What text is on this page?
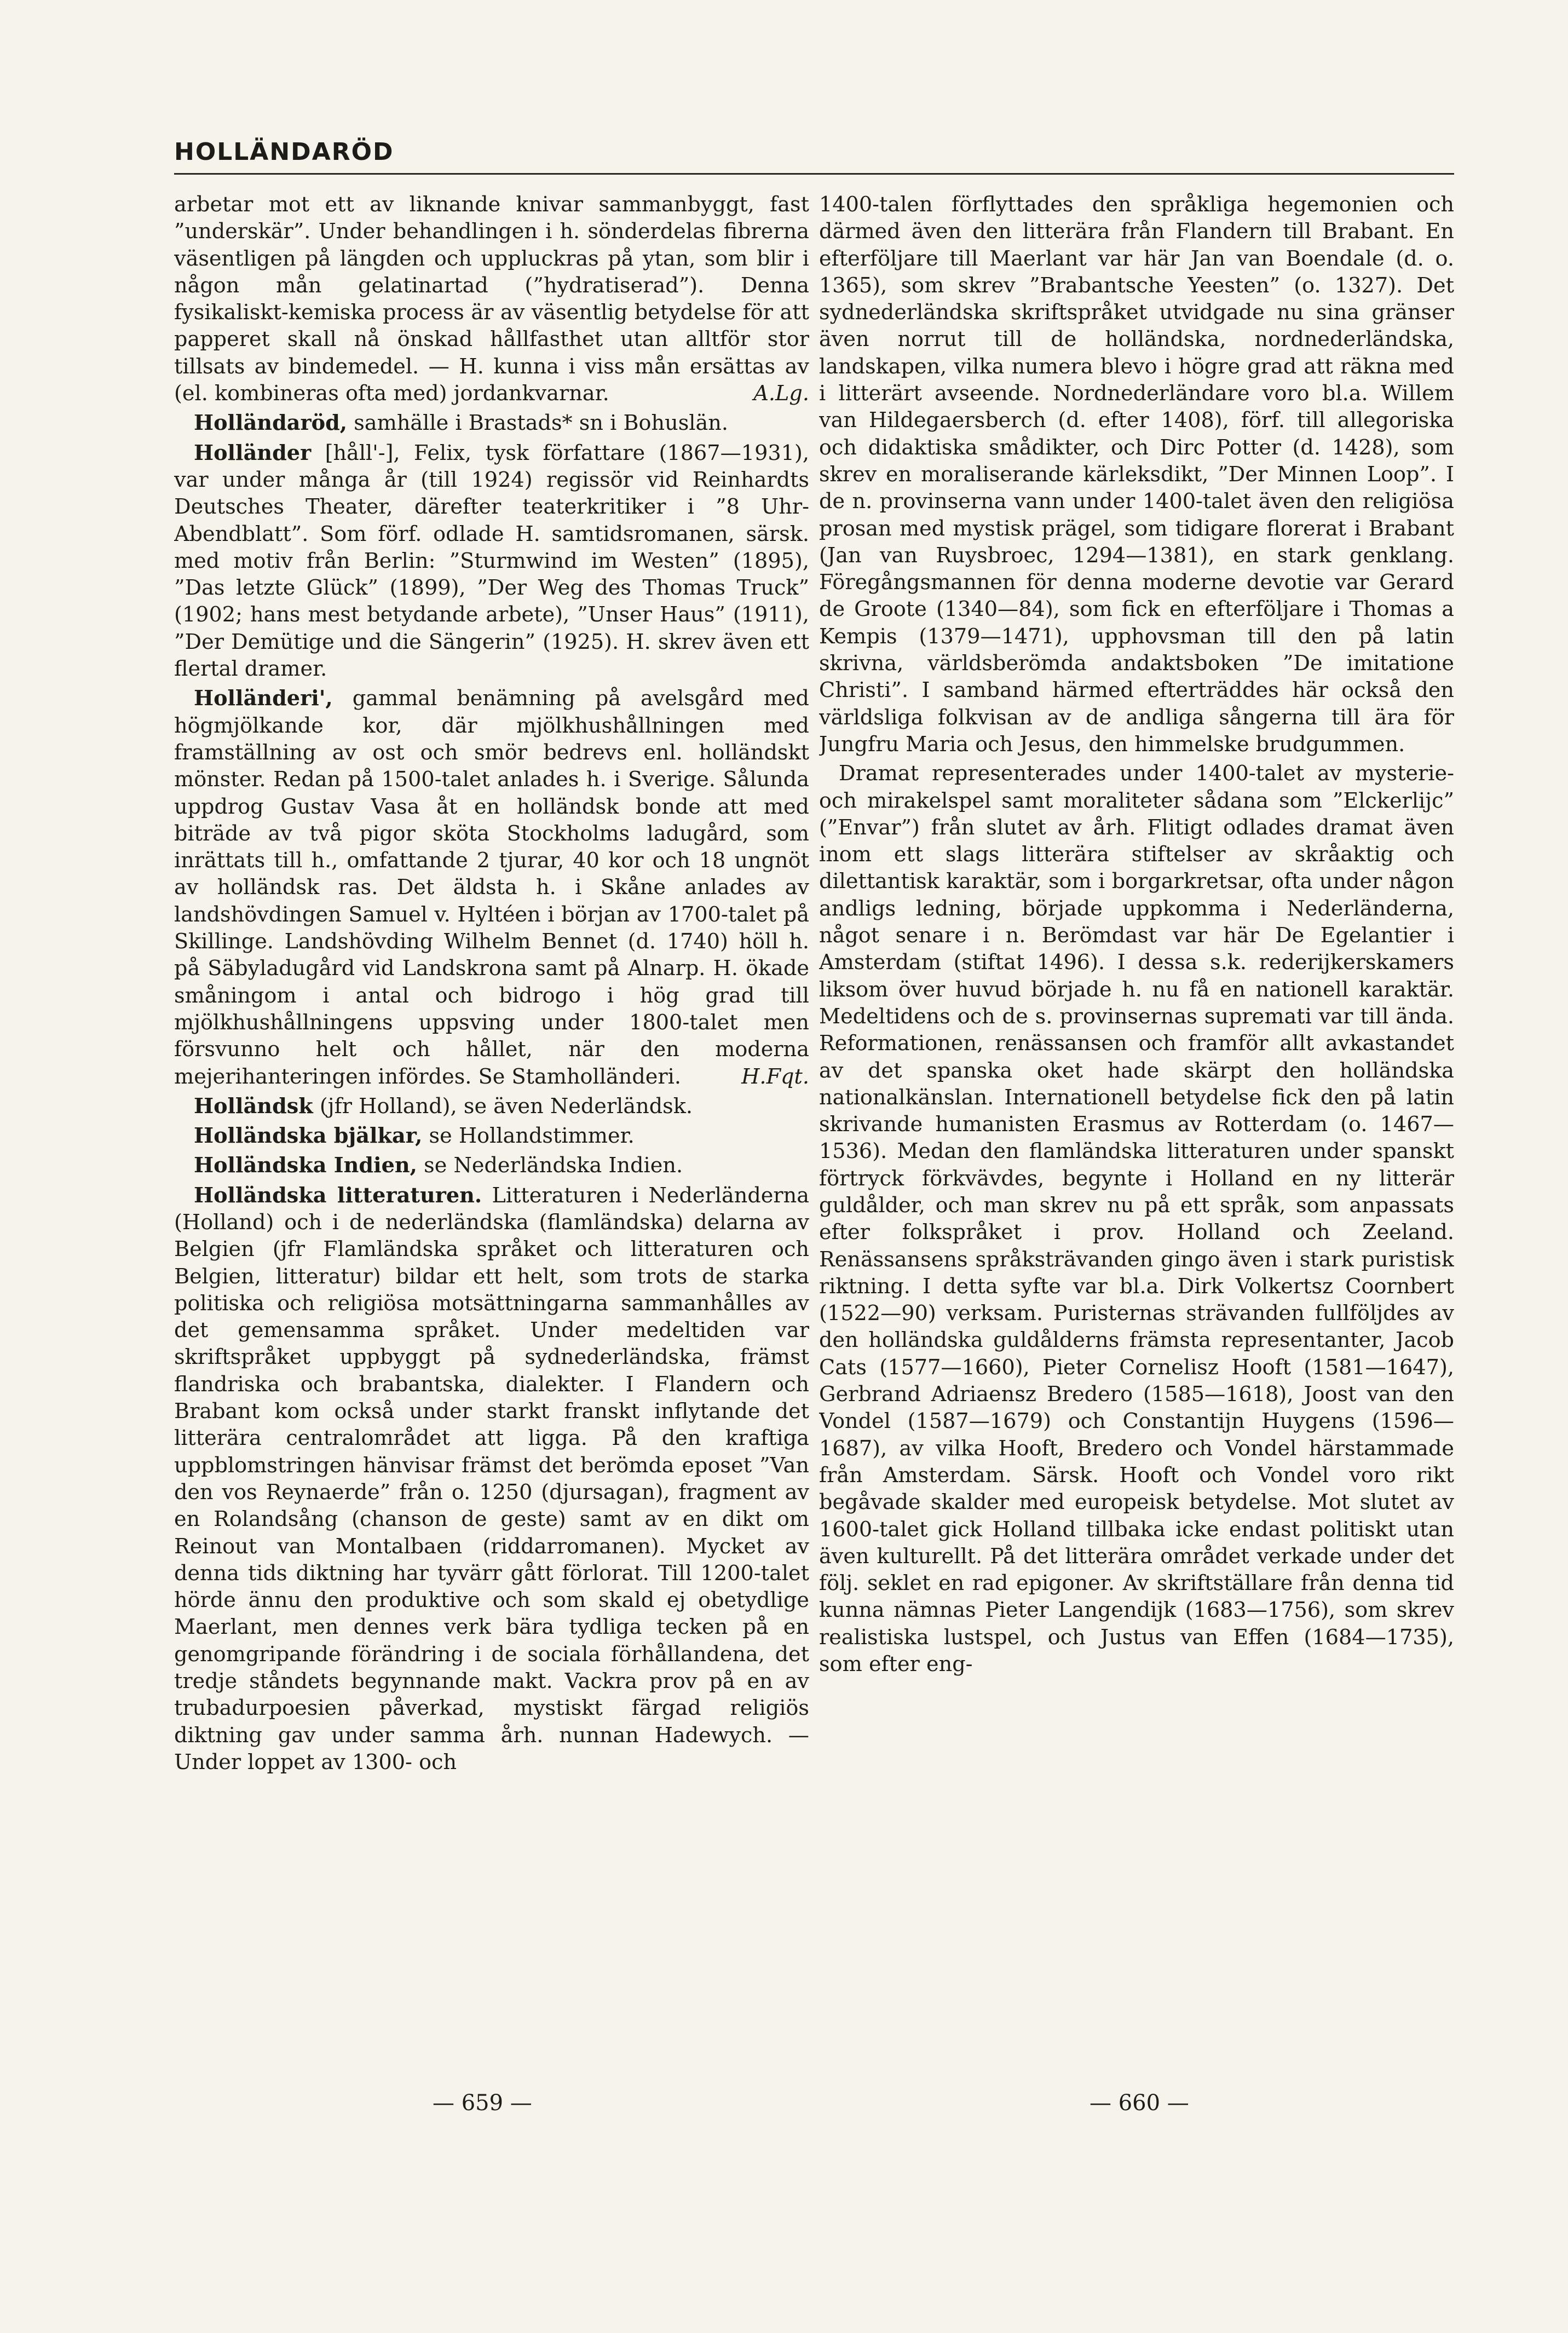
HOLLÄNDARÖD

arbetar mot ett av liknande knivar sammanbyggt, fast ”underskär”. Under behandlingen i h. sönderdelas fibrerna väsentligen på längden och uppluckras på ytan, som blir i någon mån gelatinartad (”hydratiserad”). Denna fysikaliskt-kemiska process är av väsentlig betydelse för att papperet skall nå önskad hållfasthet utan alltför stor tillsats av bindemedel. — H. kunna i viss mån ersättas av (el. kombineras ofta med) jordankvarnar.	A.Lg.

Holländaröd, samhälle i Brastads* sn i Bohuslän.

Holländer [håll'-], Felix, tysk författare (1867—1931), var under många år (till 1924) regissör vid Reinhardts Deutsches Theater, därefter teaterkritiker i ”8 Uhr-Abendblatt”. Som förf. odlade H. samtidsromanen, särsk. med motiv från Berlin: ”Sturmwind im Westen” (1895), ”Das letzte Glück” (1899), ”Der Weg des Thomas Truck” (1902; hans mest betydande arbete), ”Unser Haus” (1911), ”Der Demütige und die Sängerin” (1925). H. skrev även ett flertal dramer.

Holländeri', gammal benämning på avelsgård med högmjölkande kor, där mjölkhushållningen med framställning av ost och smör bedrevs enl. holländskt mönster. Redan på 1500-talet anlades h. i Sverige. Sålunda uppdrog Gustav Vasa åt en holländsk bonde att med biträde av två pigor sköta Stockholms ladugård, som inrättats till h., omfattande 2 tjurar, 40 kor och 18 ungnöt av holländsk ras. Det äldsta h. i Skåne anlades av landshövdingen Samuel v. Hyltéen i början av 1700-talet på Skillinge. Landshövding Wilhelm Bennet (d. 1740) höll h. på Säbyladugård vid Landskrona samt på Alnarp. H. ökade småningom i antal och bidrogo i hög grad till mjölkhushållningens uppsving under 1800-talet men försvunno helt och hållet, när den moderna mejerihanteringen infördes. Se Stamholländeri.	H.Fqt.

Holländsk (jfr Holland), se även Nederländsk.

Holländska bjälkar, se Hollandstimmer.

Holländska Indien, se Nederländska Indien.

Holländska litteraturen. Litteraturen i Nederländerna (Holland) och i de nederländska (flamländska) delarna av Belgien (jfr Flamländska språket och litteraturen och Belgien, litteratur) bildar ett helt, som trots de starka politiska och religiösa motsättningarna sammanhålles av det gemensamma språket. Under medeltiden var skriftspråket uppbyggt på sydnederländska, främst flandriska och brabantska, dialekter. I Flandern och Brabant kom också under starkt franskt inflytande det litterära centralområdet att ligga. På den kraftiga uppblomstringen hänvisar främst det berömda eposet ”Van den vos Reynaerde” från o. 1250 (djursagan), fragment av en Rolandsång (chanson de geste) samt av en dikt om Reinout van Montalbaen (riddarromanen). Mycket av denna tids diktning har tyvärr gått förlorat. Till 1200-talet hörde ännu den produktive och som skald ej obetydlige Maerlant, men dennes verk bära tydliga tecken på en genomgripande förändring i de sociala förhållandena, det tredje ståndets begynnande makt. Vackra prov på en av trubadurpoesien påverkad, mystiskt färgad religiös diktning gav under samma årh. nunnan Hadewych. — Under loppet av 1300- och

1400-talen förflyttades den språkliga hegemonien och därmed även den litterära från Flandern till Brabant. En efterföljare till Maerlant var här Jan van Boendale (d. o. 1365), som skrev ”Brabantsche Yeesten” (o. 1327). Det sydnederländska skriftspråket utvidgade nu sina gränser även norrut till de holländska, nordnederländska, landskapen, vilka numera blevo i högre grad att räkna med i litterärt avseende. Nordnederländare voro bl.a. Willem van Hildegaersberch (d. efter 1408), förf. till allegoriska och didaktiska smådikter, och Dirc Potter (d. 1428), som skrev en moraliserande kärleksdikt, ”Der Minnen Loop”. I de n. provinserna vann under 1400-talet även den religiösa prosan med mystisk prägel, som tidigare florerat i Brabant (Jan van Ruysbroec, 1294—1381), en stark genklang. Föregångsmannen för denna moderne devotie var Gerard de Groote (1340—84), som fick en efterföljare i Thomas a Kempis (1379—1471), upphovsman till den på latin skrivna, världsberömda andaktsboken ”De imitatione Christi”. I samband härmed efterträddes här också den världsliga folkvisan av de andliga sångerna till ära för Jungfru Maria och Jesus, den himmelske brudgummen.

Dramat representerades under 1400-talet av mysterie- och mirakelspel samt moraliteter sådana som ”Elckerlijc” (”Envar”) från slutet av årh. Flitigt odlades dramat även inom ett slags litterära stiftelser av skråaktig och dilettantisk karaktär, som i borgarkretsar, ofta under någon andligs ledning, började uppkomma i Nederländerna, något senare i n. Berömdast var här De Egelantier i Amsterdam (stiftat 1496). I dessa s.k. rederijkerskamers liksom över huvud började h. nu få en nationell karaktär. Medeltidens och de s. provinsernas suprematі var till ända. Reformationen, renässansen och framför allt avkastandet av det spanska oket hade skärpt den holländska nationalkänslan. Internationell betydelse fick den på latin skrivande humanisten Erasmus av Rotterdam (o. 1467—1536). Medan den flamländska litteraturen under spanskt förtryck förkvävdes, begynte i Holland en ny litterär guldålder, och man skrev nu på ett språk, som anpassats efter folkspråket i prov. Holland och Zeeland. Renässansens språksträvanden gingo även i stark puristisk riktning. I detta syfte var bl.a. Dirk Volkertsz Coornbert (1522—90) verksam. Puristernas strävanden fullföljdes av den holländska guldålderns främsta representanter, Jacob Cats (1577—1660), Pieter Cornelisz Hooft (1581—1647), Gerbrand Adriaensz Bredero (1585—1618), Joost van den Vondel (1587—1679) och Constantijn Huygens (1596—1687), av vilka Hooft, Bredero och Vondel härstammade från Amsterdam. Särsk. Hooft och Vondel voro rikt begåvade skalder med europeisk betydelse. Mot slutet av 1600-talet gick Holland tillbaka icke endast politiskt utan även kulturellt. På det litterära området verkade under det följ. seklet en rad epigoner. Av skriftställare från denna tid kunna nämnas Pieter Langendijk (1683—1756), som skrev realistiska lustspel, och Justus van Effen (1684—1735), som efter eng-

— 659 —	— 660 —
